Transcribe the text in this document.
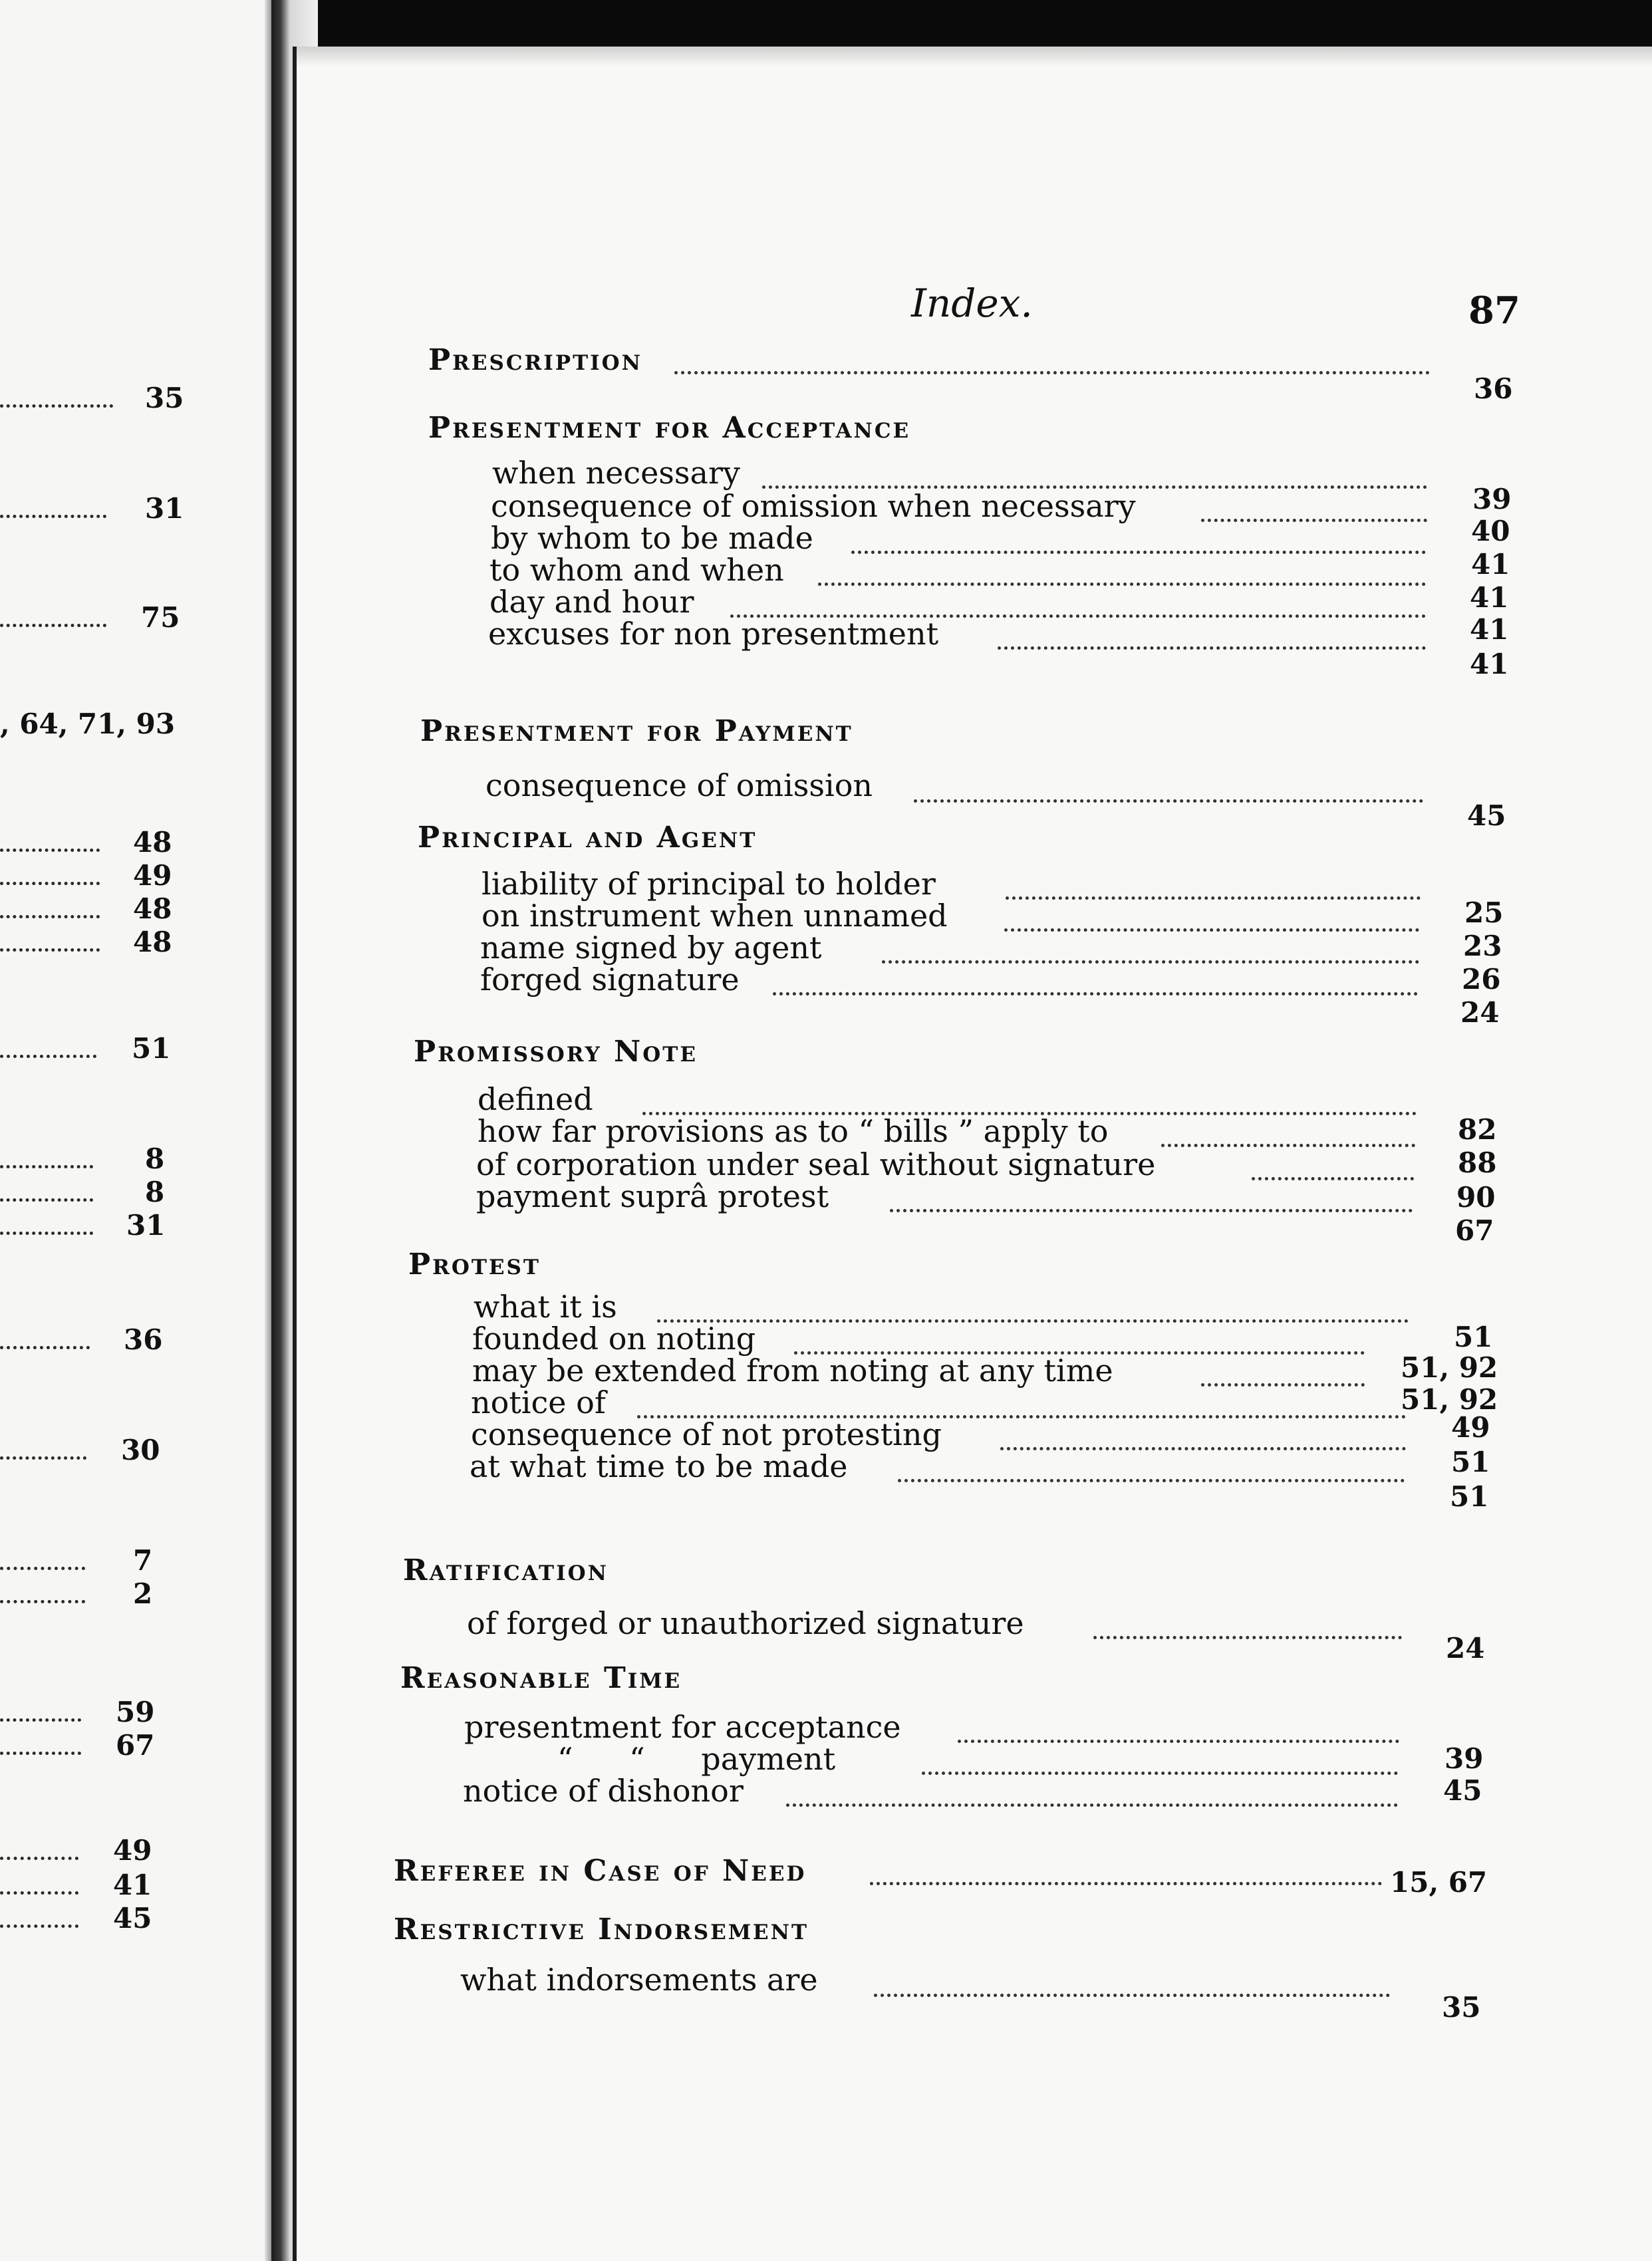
35
31
75
, 64, 71, 93
48
49
48
48
51
8
8
31
36
30
7
2
59
67
49
41
45
Index.	87
Prescription
36
Presentment for Acceptance
when necessary
39
consequence of omission when necessary
40
by whom to be made
41
to whom and when
41
day and hour
41
excuses for non presentment
41
Presentment for Payment
consequence of omission
45
Principal and Agent
liability of principal to holder
25
on instrument when unnamed
23
name signed by agent
26
forged signature
24
Promissory Note
defined
82
how far provisions as to “ bills ” apply to
88
of corporation under seal without signature
90
payment suprâ protest
67
Protest
what it is
51
founded on noting
51, 92
may be extended from noting at any time
51, 92
notice of
49
consequence of not protesting
51
at what time to be made
51
Ratification
of forged or unauthorized signature
24
Reasonable Time
presentment for acceptance
39
“ “ payment
45
notice of dishonor
Referee in Case of Need	15, 67
Restrictive Indorsement
what indorsements are
35
